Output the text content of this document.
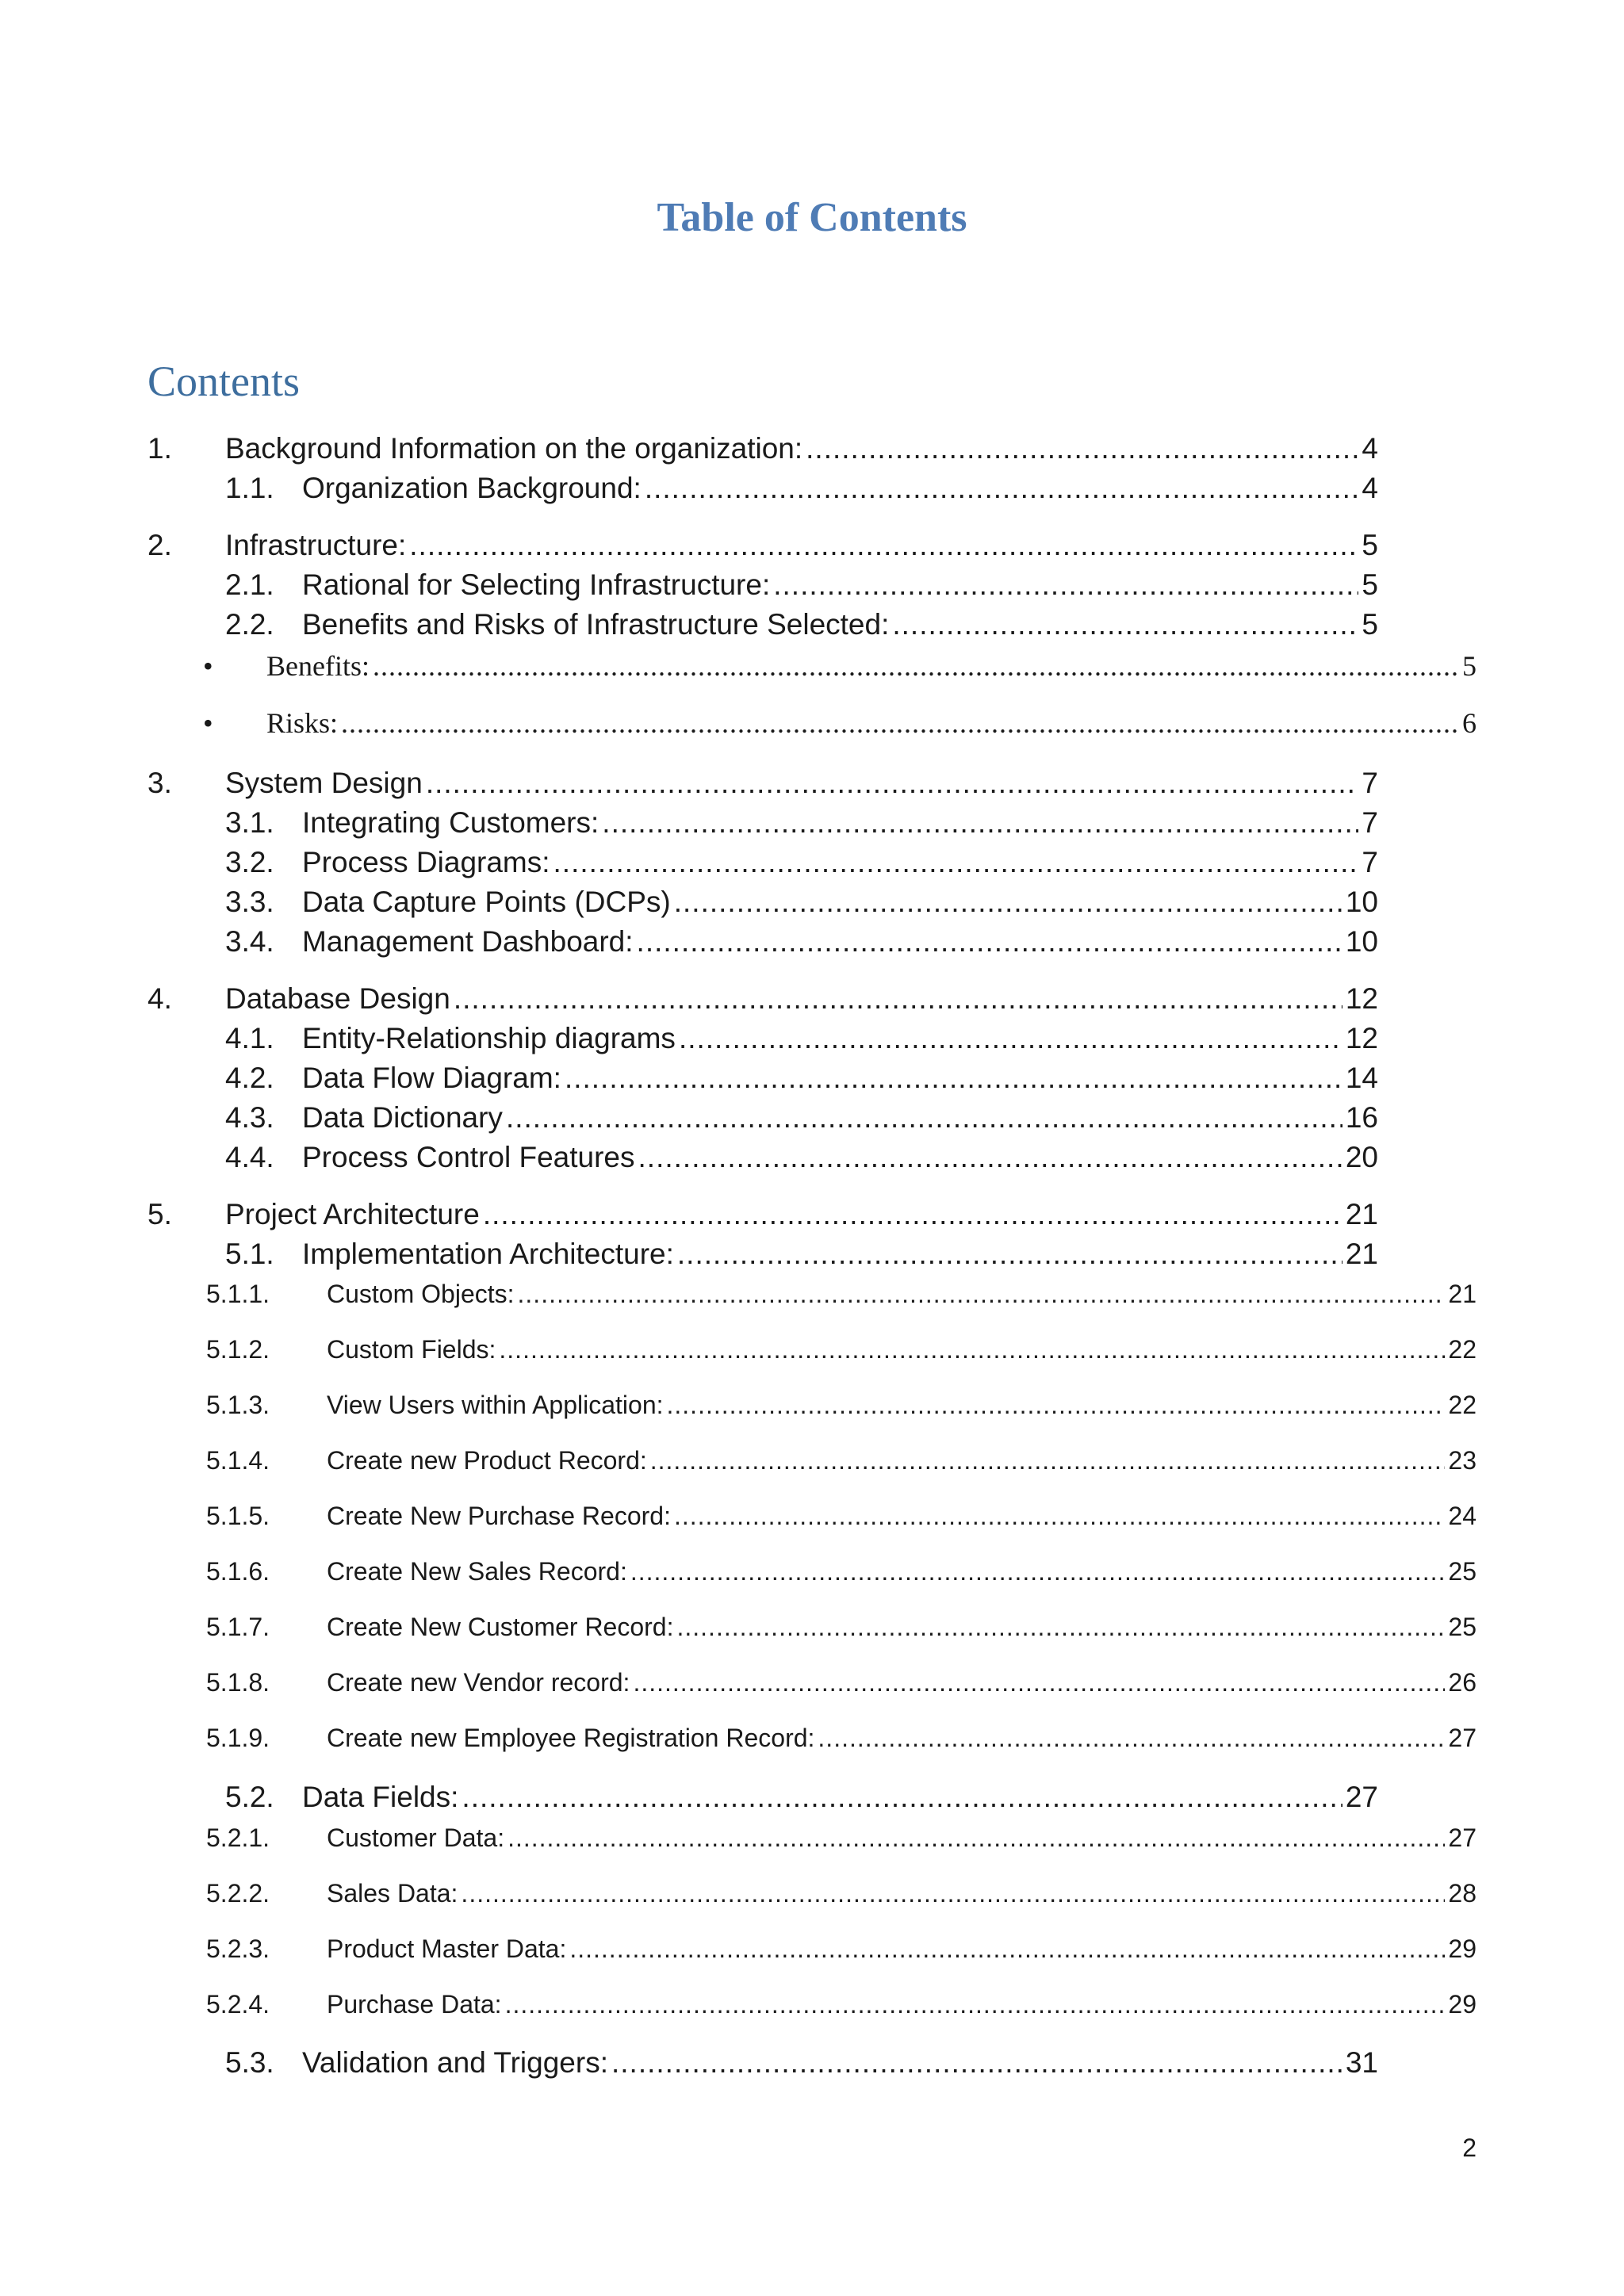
Table of Contents
Contents
1.	Background Information on the organization: .....	4
1.1. Organization Background: .....	4
2.	Infrastructure: .....	5
2.1. Rational for Selecting Infrastructure: .....	5
2.2. Benefits and Risks of Infrastructure Selected: .....	5
•	Benefits: .....	5
•	Risks: .....	6
3.	System Design .....	7
3.1. Integrating Customers: .....	7
3.2. Process Diagrams: .....	7
3.3. Data Capture Points (DCPs) .....	10
3.4. Management Dashboard: .....	10
4.	Database Design .....	12
4.1. Entity-Relationship diagrams .....	12
4.2. Data Flow Diagram: .....	14
4.3. Data Dictionary .....	16
4.4. Process Control Features .....	20
5.	Project Architecture .....	21
5.1. Implementation Architecture: .....	21
5.1.1.	Custom Objects: .....	21
5.1.2.	Custom Fields: .....	22
5.1.3.	View Users within Application: .....	22
5.1.4.	Create new Product Record: .....	23
5.1.5.	Create New Purchase Record: .....	24
5.1.6.	Create New Sales Record: .....	25
5.1.7.	Create New Customer Record: .....	25
5.1.8.	Create new Vendor record: .....	26
5.1.9.	Create new Employee Registration Record: .....	27
5.2. Data Fields: .....	27
5.2.1.	Customer Data: .....	27
5.2.2.	Sales Data: .....	28
5.2.3.	Product Master Data: .....	29
5.2.4.	Purchase Data: .....	29
5.3. Validation and Triggers: .....	31
2
